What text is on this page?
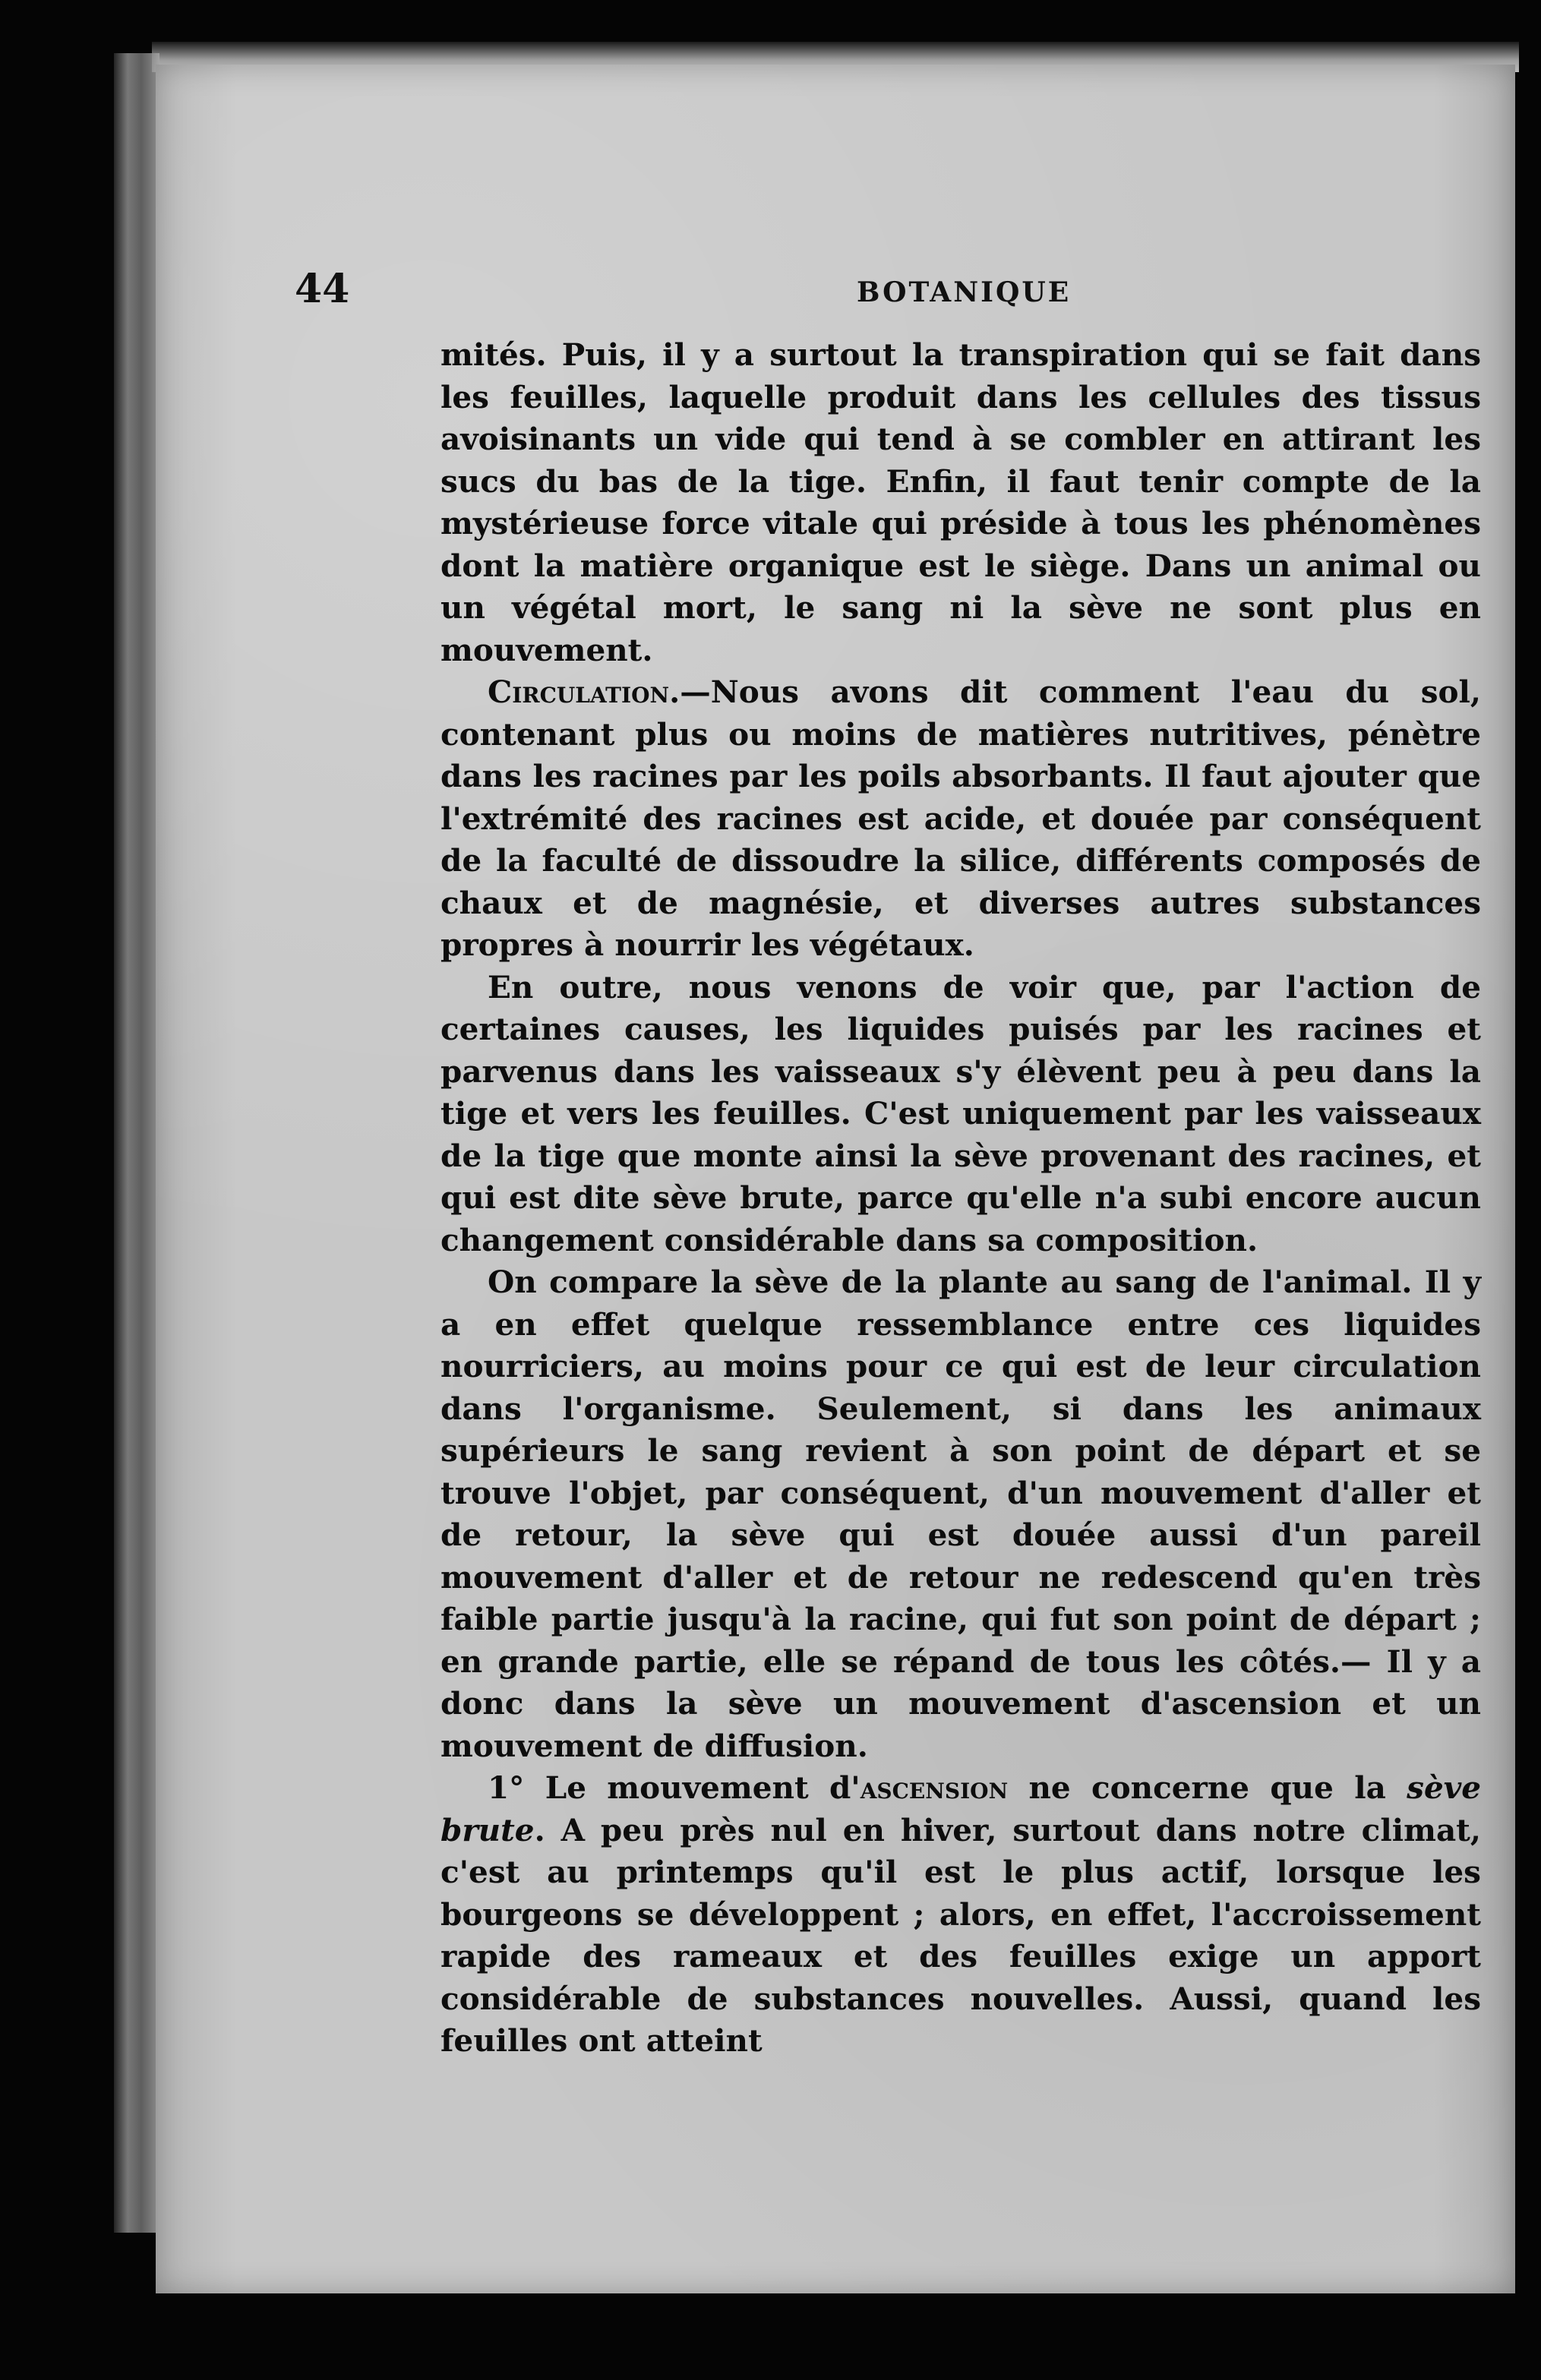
44	BOTANIQUE

mités. Puis, il y a surtout la transpiration qui se fait dans les feuilles, laquelle produit dans les cellules des tissus avoisinants un vide qui tend à se combler en attirant les sucs du bas de la tige. Enfin, il faut tenir compte de la mystérieuse force vitale qui préside à tous les phénomènes dont la matière organique est le siège. Dans un animal ou un végétal mort, le sang ni la sève ne sont plus en mouvement.

Circulation.—Nous avons dit comment l'eau du sol, contenant plus ou moins de matières nutritives, pénètre dans les racines par les poils absorbants. Il faut ajouter que l'extrémité des racines est acide, et douée par conséquent de la faculté de dissoudre la silice, différents composés de chaux et de magnésie, et diverses autres substances propres à nourrir les végétaux.

En outre, nous venons de voir que, par l'action de certaines causes, les liquides puisés par les racines et parvenus dans les vaisseaux s'y élèvent peu à peu dans la tige et vers les feuilles. C'est uniquement par les vaisseaux de la tige que monte ainsi la sève provenant des racines, et qui est dite sève brute, parce qu'elle n'a subi encore aucun changement considérable dans sa composition.

On compare la sève de la plante au sang de l'animal. Il y a en effet quelque ressemblance entre ces liquides nourriciers, au moins pour ce qui est de leur circulation dans l'organisme. Seulement, si dans les animaux supérieurs le sang revient à son point de départ et se trouve l'objet, par conséquent, d'un mouvement d'aller et de retour, la sève qui est douée aussi d'un pareil mouvement d'aller et de retour ne redescend qu'en très faible partie jusqu'à la racine, qui fut son point de départ ; en grande partie, elle se répand de tous les côtés.— Il y a donc dans la sève un mouvement d'ascension et un mouvement de diffusion.

1° Le mouvement d'ascension ne concerne que la sève brute. A peu près nul en hiver, surtout dans notre climat, c'est au printemps qu'il est le plus actif, lorsque les bourgeons se développent ; alors, en effet, l'accroissement rapide des rameaux et des feuilles exige un apport considérable de substances nouvelles. Aussi, quand les feuilles ont atteint
